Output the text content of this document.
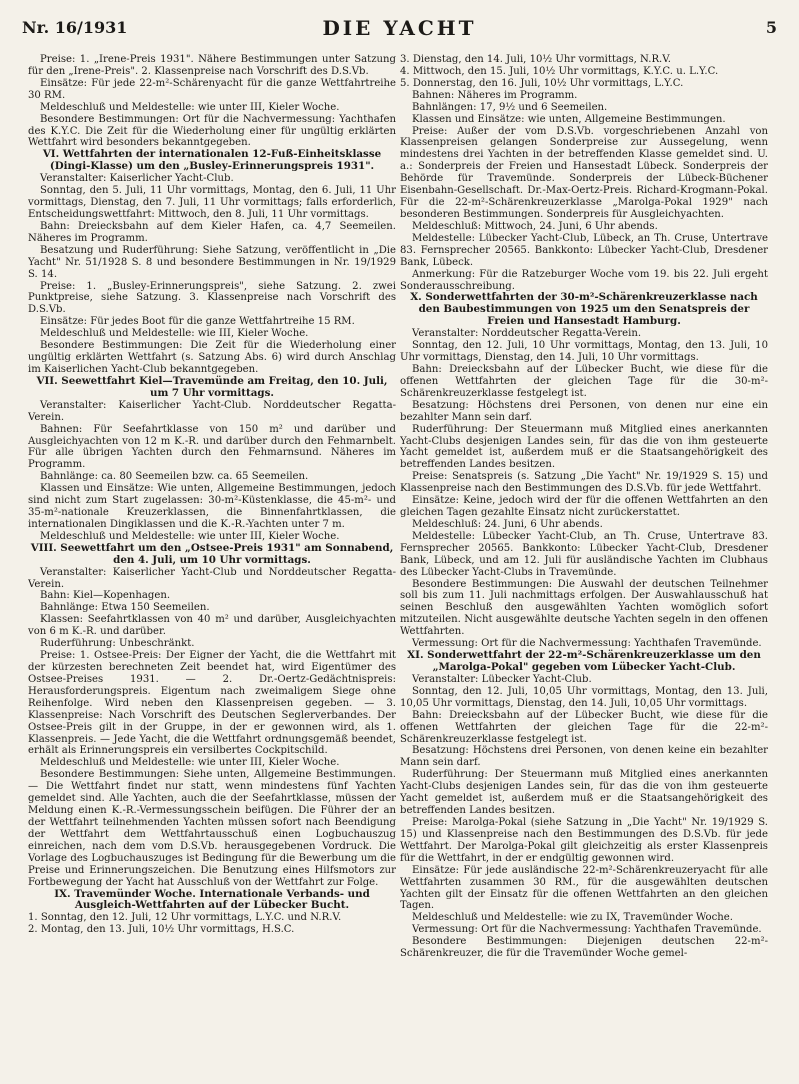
Nr. 16/1931	DIE YACHT	5

Preise: 1. „Irene-Preis 1931". Nähere Bestimmungen unter Satzung für den „Irene-Preis". 2. Klassenpreise nach Vorschrift des D.S.Vb.

Einsätze: Für jede 22-m²-Schärenyacht für die ganze Wettfahrtreihe 30 RM.

Meldeschluß und Meldestelle: wie unter III, Kieler Woche.

Besondere Bestimmungen: Ort für die Nachvermessung: Yachthafen des K.Y.C. Die Zeit für die Wiederholung einer für ungültig erklärten Wettfahrt wird besonders bekanntgegeben.

VI. Wettfahrten der internationalen 12-Fuß-Einheitsklasse (Dingi-Klasse) um den „Busley-Erinnerungspreis 1931".

Veranstalter: Kaiserlicher Yacht-Club.

Sonntag, den 5. Juli, 11 Uhr vormittags, Montag, den 6. Juli, 11 Uhr vormittags, Dienstag, den 7. Juli, 11 Uhr vormittags; falls erforderlich, Entscheidungswettfahrt: Mittwoch, den 8. Juli, 11 Uhr vormittags.

Bahn: Dreiecksbahn auf dem Kieler Hafen, ca. 4,7 Seemeilen. Näheres im Programm.

Besatzung und Ruderführung: Siehe Satzung, veröffentlicht in „Die Yacht" Nr. 51/1928 S. 8 und besondere Bestimmungen in Nr. 19/1929 S. 14.

Preise: 1. „Busley-Erinnerungspreis", siehe Satzung. 2. zwei Punktpreise, siehe Satzung. 3. Klassenpreise nach Vorschrift des D.S.Vb.

Einsätze: Für jedes Boot für die ganze Wettfahrtreihe 15 RM.

Meldeschluß und Meldestelle: wie III, Kieler Woche.

Besondere Bestimmungen: Die Zeit für die Wiederholung einer ungültig erklärten Wettfahrt (s. Satzung Abs. 6) wird durch Anschlag im Kaiserlichen Yacht-Club bekanntgegeben.

VII. Seewettfahrt Kiel—Travemünde am Freitag, den 10. Juli, um 7 Uhr vormittags.

Veranstalter: Kaiserlicher Yacht-Club. Norddeutscher Regatta-Verein.

Bahnen: Für Seefahrtklasse von 150 m² und darüber und Ausgleichyachten von 12 m K.-R. und darüber durch den Fehmarnbelt. Für alle übrigen Yachten durch den Fehmarnsund. Näheres im Programm.

Bahnlänge: ca. 80 Seemeilen bzw. ca. 65 Seemeilen.

Klassen und Einsätze: Wie unten, Allgemeine Bestimmungen, jedoch sind nicht zum Start zugelassen: 30-m²-Küstenklasse, die 45-m²- und 35-m²-nationale Kreuzerklassen, die Binnenfahrtklassen, die internationalen Dingiklassen und die K.-R.-Yachten unter 7 m.

Meldeschluß und Meldestelle: wie unter III, Kieler Woche.

VIII. Seewettfahrt um den „Ostsee-Preis 1931" am Sonnabend, den 4. Juli, um 10 Uhr vormittags.

Veranstalter: Kaiserlicher Yacht-Club und Norddeutscher Regatta-Verein.

Bahn: Kiel—Kopenhagen.

Bahnlänge: Etwa 150 Seemeilen.

Klassen: Seefahrtklassen von 40 m² und darüber, Ausgleichyachten von 6 m K.-R. und darüber.

Ruderführung: Unbeschränkt.

Preise: 1. Ostsee-Preis: Der Eigner der Yacht, die die Wettfahrt mit der kürzesten berechneten Zeit beendet hat, wird Eigentümer des Ostsee-Preises 1931. — 2. Dr.-Oertz-Gedächtnispreis: Herausforderungspreis. Eigentum nach zweimaligem Siege ohne Reihenfolge. Wird neben den Klassenpreisen gegeben. — 3. Klassenpreise: Nach Vorschrift des Deutschen Seglerverbandes. Der Ostsee-Preis gilt in der Gruppe, in der er gewonnen wird, als 1. Klassenpreis. — Jede Yacht, die die Wettfahrt ordnungsgemäß beendet, erhält als Erinnerungspreis ein versilbertes Cockpitschild.

Meldeschluß und Meldestelle: wie unter III, Kieler Woche.

Besondere Bestimmungen: Siehe unten, Allgemeine Bestimmungen. — Die Wettfahrt findet nur statt, wenn mindestens fünf Yachten gemeldet sind. Alle Yachten, auch die der Seefahrtklasse, müssen der Meldung einen K.-R.-Vermessungsschein beifügen. Die Führer der an der Wettfahrt teilnehmenden Yachten müssen sofort nach Beendigung der Wettfahrt dem Wettfahrtausschuß einen Logbuchauszug einreichen, nach dem vom D.S.Vb. herausgegebenen Vordruck. Die Vorlage des Logbuchauszuges ist Bedingung für die Bewerbung um die Preise und Erinnerungszeichen. Die Benutzung eines Hilfsmotors zur Fortbewegung der Yacht hat Ausschluß von der Wettfahrt zur Folge.

IX. Travemünder Woche. Internationale Verbands- und Ausgleich-Wettfahrten auf der Lübecker Bucht.

1. Sonntag, den 12. Juli, 12 Uhr vormittags, L.Y.C. und N.R.V.

2. Montag, den 13. Juli, 10½ Uhr vormittags, H.S.C.

3. Dienstag, den 14. Juli, 10½ Uhr vormittags, N.R.V.

4. Mittwoch, den 15. Juli, 10½ Uhr vormittags, K.Y.C. u. L.Y.C.

5. Donnerstag, den 16. Juli, 10½ Uhr vormittags, L.Y.C.

Bahnen: Näheres im Programm.

Bahnlängen: 17, 9½ und 6 Seemeilen.

Klassen und Einsätze: wie unten, Allgemeine Bestimmungen.

Preise: Außer der vom D.S.Vb. vorgeschriebenen Anzahl von Klassenpreisen gelangen Sonderpreise zur Aussegelung, wenn mindestens drei Yachten in der betreffenden Klasse gemeldet sind. U. a.: Sonderpreis der Freien und Hansestadt Lübeck. Sonderpreis der Behörde für Travemünde. Sonderpreis der Lübeck-Büchener Eisenbahn-Gesellschaft. Dr.-Max-Oertz-Preis. Richard-Krogmann-Pokal. Für die 22-m²-Schärenkreuzerklasse „Marolga-Pokal 1929" nach besonderen Bestimmungen. Sonderpreis für Ausgleichyachten.

Meldeschluß: Mittwoch, 24. Juni, 6 Uhr abends.

Meldestelle: Lübecker Yacht-Club, Lübeck, an Th. Cruse, Untertrave 83. Fernsprecher 20565. Bankkonto: Lübecker Yacht-Club, Dresdener Bank, Lübeck.

Anmerkung: Für die Ratzeburger Woche vom 19. bis 22. Juli ergeht Sonderausschreibung.

X. Sonderwettfahrten der 30-m²-Schärenkreuzerklasse nach den Baubestimmungen von 1925 um den Senatspreis der Freien und Hansestadt Hamburg.

Veranstalter: Norddeutscher Regatta-Verein.

Sonntag, den 12. Juli, 10 Uhr vormittags, Montag, den 13. Juli, 10 Uhr vormittags, Dienstag, den 14. Juli, 10 Uhr vormittags.

Bahn: Dreiecksbahn auf der Lübecker Bucht, wie diese für die offenen Wettfahrten der gleichen Tage für die 30-m²-Schärenkreuzerklasse festgelegt ist.

Besatzung: Höchstens drei Personen, von denen nur eine ein bezahlter Mann sein darf.

Ruderführung: Der Steuermann muß Mitglied eines anerkannten Yacht-Clubs desjenigen Landes sein, für das die von ihm gesteuerte Yacht gemeldet ist, außerdem muß er die Staatsangehörigkeit des betreffenden Landes besitzen.

Preise: Senatspreis (s. Satzung „Die Yacht" Nr. 19/1929 S. 15) und Klassenpreise nach den Bestimmungen des D.S.Vb. für jede Wettfahrt.

Einsätze: Keine, jedoch wird der für die offenen Wettfahrten an den gleichen Tagen gezahlte Einsatz nicht zurückerstattet.

Meldeschluß: 24. Juni, 6 Uhr abends.

Meldestelle: Lübecker Yacht-Club, an Th. Cruse, Untertrave 83. Fernsprecher 20565. Bankkonto: Lübecker Yacht-Club, Dresdener Bank, Lübeck, und am 12. Juli für ausländische Yachten im Clubhaus des Lübecker Yacht-Clubs in Travemünde.

Besondere Bestimmungen: Die Auswahl der deutschen Teilnehmer soll bis zum 11. Juli nachmittags erfolgen. Der Auswahlausschuß hat seinen Beschluß den ausgewählten Yachten womöglich sofort mitzuteilen. Nicht ausgewählte deutsche Yachten segeln in den offenen Wettfahrten.

Vermessung: Ort für die Nachvermessung: Yachthafen Travemünde.

XI. Sonderwettfahrt der 22-m²-Schärenkreuzerklasse um den „Marolga-Pokal" gegeben vom Lübecker Yacht-Club.

Veranstalter: Lübecker Yacht-Club.

Sonntag, den 12. Juli, 10,05 Uhr vormittags, Montag, den 13. Juli, 10,05 Uhr vormittags, Dienstag, den 14. Juli, 10,05 Uhr vormittags.

Bahn: Dreiecksbahn auf der Lübecker Bucht, wie diese für die offenen Wettfahrten der gleichen Tage für die 22-m²-Schärenkreuzerklasse festgelegt ist.

Besatzung: Höchstens drei Personen, von denen keine ein bezahlter Mann sein darf.

Ruderführung: Der Steuermann muß Mitglied eines anerkannten Yacht-Clubs desjenigen Landes sein, für das die von ihm gesteuerte Yacht gemeldet ist, außerdem muß er die Staatsangehörigkeit des betreffenden Landes besitzen.

Preise: Marolga-Pokal (siehe Satzung in „Die Yacht" Nr. 19/1929 S. 15) und Klassenpreise nach den Bestimmungen des D.S.Vb. für jede Wettfahrt. Der Marolga-Pokal gilt gleichzeitig als erster Klassenpreis für die Wettfahrt, in der er endgültig gewonnen wird.

Einsätze: Für jede ausländische 22-m²-Schärenkreuzeryacht für alle Wettfahrten zusammen 30 RM., für die ausgewählten deutschen Yachten gilt der Einsatz für die offenen Wettfahrten an den gleichen Tagen.

Meldeschluß und Meldestelle: wie zu IX, Travemünder Woche.

Vermessung: Ort für die Nachvermessung: Yachthafen Travemünde.

Besondere Bestimmungen: Diejenigen deutschen 22-m²-Schärenkreuzer, die für die Travemünder Woche gemel-
